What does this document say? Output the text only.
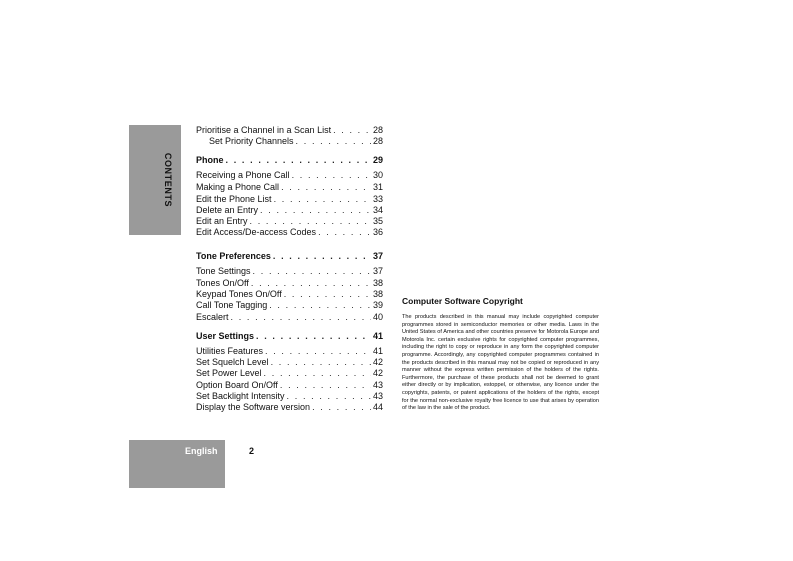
CONTENTS
Prioritise a Channel in a Scan List . . .	28
Set Priority Channels . . .	28
Phone . . .	29
Receiving a Phone Call . . .	30
Making a Phone Call . . .	31
Edit the Phone List . . .	33
Delete an Entry . . .	34
Edit an Entry . . .	35
Edit Access/De-access Codes . . .	36
Tone Preferences . . .	37
Tone Settings . . .	37
Tones On/Off . . .	38
Keypad Tones On/Off . . .	38
Call Tone Tagging . . .	39
Escalert . . .	40
User Settings . . .	41
Utilities Features . . .	41
Set Squelch Level . . .	42
Set Power Level . . .	42
Option Board On/Off . . .	43
Set Backlight Intensity . . .	43
Display the Software version . . .	44

Computer Software Copyright

The products described in this manual may include copyrighted computer programmes stored in semiconductor memories or other media. Laws in the United States of America and other countries preserve for Motorola Europe and Motorola Inc. certain exclusive rights for copyrighted computer programmes, including the right to copy or reproduce in any form the copyrighted computer programme. Accordingly, any copyrighted computer programmes contained in the products described in this manual may not be copied or reproduced in any manner without the express written permission of the holders of the rights. Furthermore, the purchase of these products shall not be deemed to grant either directly or by implication, estoppel, or otherwise, any licence under the copyrights, patents, or patent applications of the holders of the rights, except for the normal non-exclusive royalty free licence to use that arises by operation of the law in the sale of the product.

English	2
